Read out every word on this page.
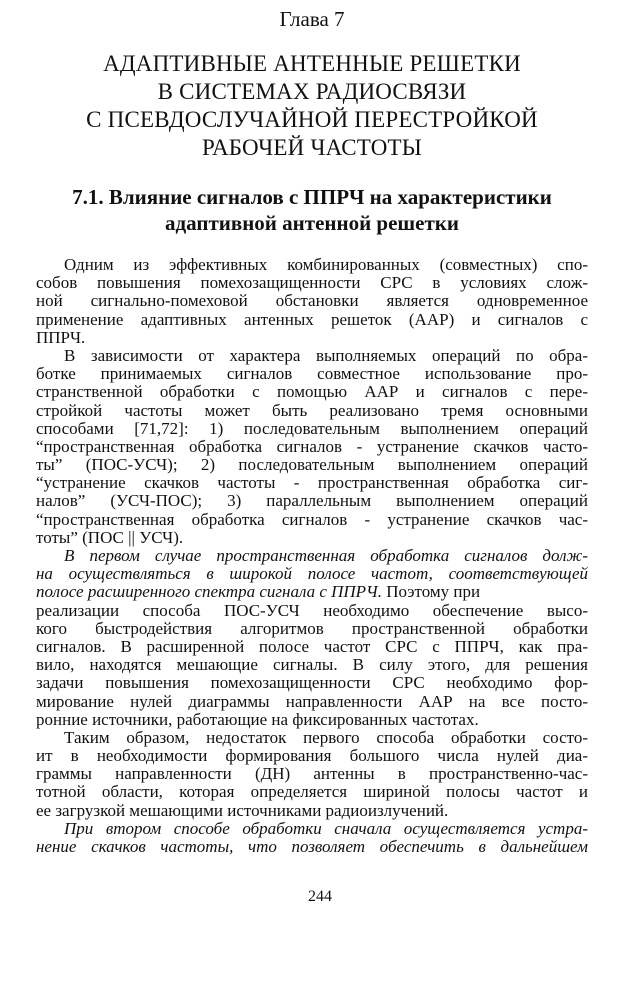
Глава 7
АДАПТИВНЫЕ АНТЕННЫЕ РЕШЕТКИ
В СИСТЕМАХ РАДИОСВЯЗИ
С ПСЕВДОСЛУЧАЙНОЙ ПЕРЕСТРОЙКОЙ
РАБОЧЕЙ ЧАСТОТЫ
7.1. Влияние сигналов с ППРЧ на характеристики
адаптивной антенной решетки
Одним из эффективных комбинированных (совместных) спо-
собов повышения помехозащищенности СРС в условиях слож-
ной сигнально-помеховой обстановки является одновременное
применение адаптивных антенных решеток (ААР) и сигналов с
ППРЧ.
В зависимости от характера выполняемых операций по обра-
ботке принимаемых сигналов совместное использование про-
странственной обработки с помощью ААР и сигналов с пере-
стройкой частоты может быть реализовано тремя основными
способами [71,72]: 1) последовательным выполнением операций
“пространственная обработка сигналов - устранение скачков часто-
ты” (ПОС-УСЧ); 2) последовательным выполнением операций
“устранение скачков частоты - пространственная обработка сиг-
налов” (УСЧ-ПОС); 3) параллельным выполнением операций
“пространственная обработка сигналов - устранение скачков час-
тоты” (ПОС || УСЧ).
В первом случае пространственная обработка сигналов долж-
на осуществляться в широкой полосе частот, соответствующей
полосе расширенного спектра сигнала с ППРЧ. Поэтому при
реализации способа ПОС-УСЧ необходимо обеспечение высо-
кого быстродействия алгоритмов пространственной обработки
сигналов. В расширенной полосе частот СРС с ППРЧ, как пра-
вило, находятся мешающие сигналы. В силу этого, для решения
задачи повышения помехозащищенности СРС необходимо фор-
мирование нулей диаграммы направленности ААР на все посто-
ронние источники, работающие на фиксированных частотах.
Таким образом, недостаток первого способа обработки состо-
ит в необходимости формирования большого числа нулей диа-
граммы направленности (ДН) антенны в пространственно-час-
тотной области, которая определяется шириной полосы частот и
ее загрузкой мешающими источниками радиоизлучений.
При втором способе обработки сначала осуществляется устра-
нение скачков частоты, что позволяет обеспечить в дальнейшем
244
